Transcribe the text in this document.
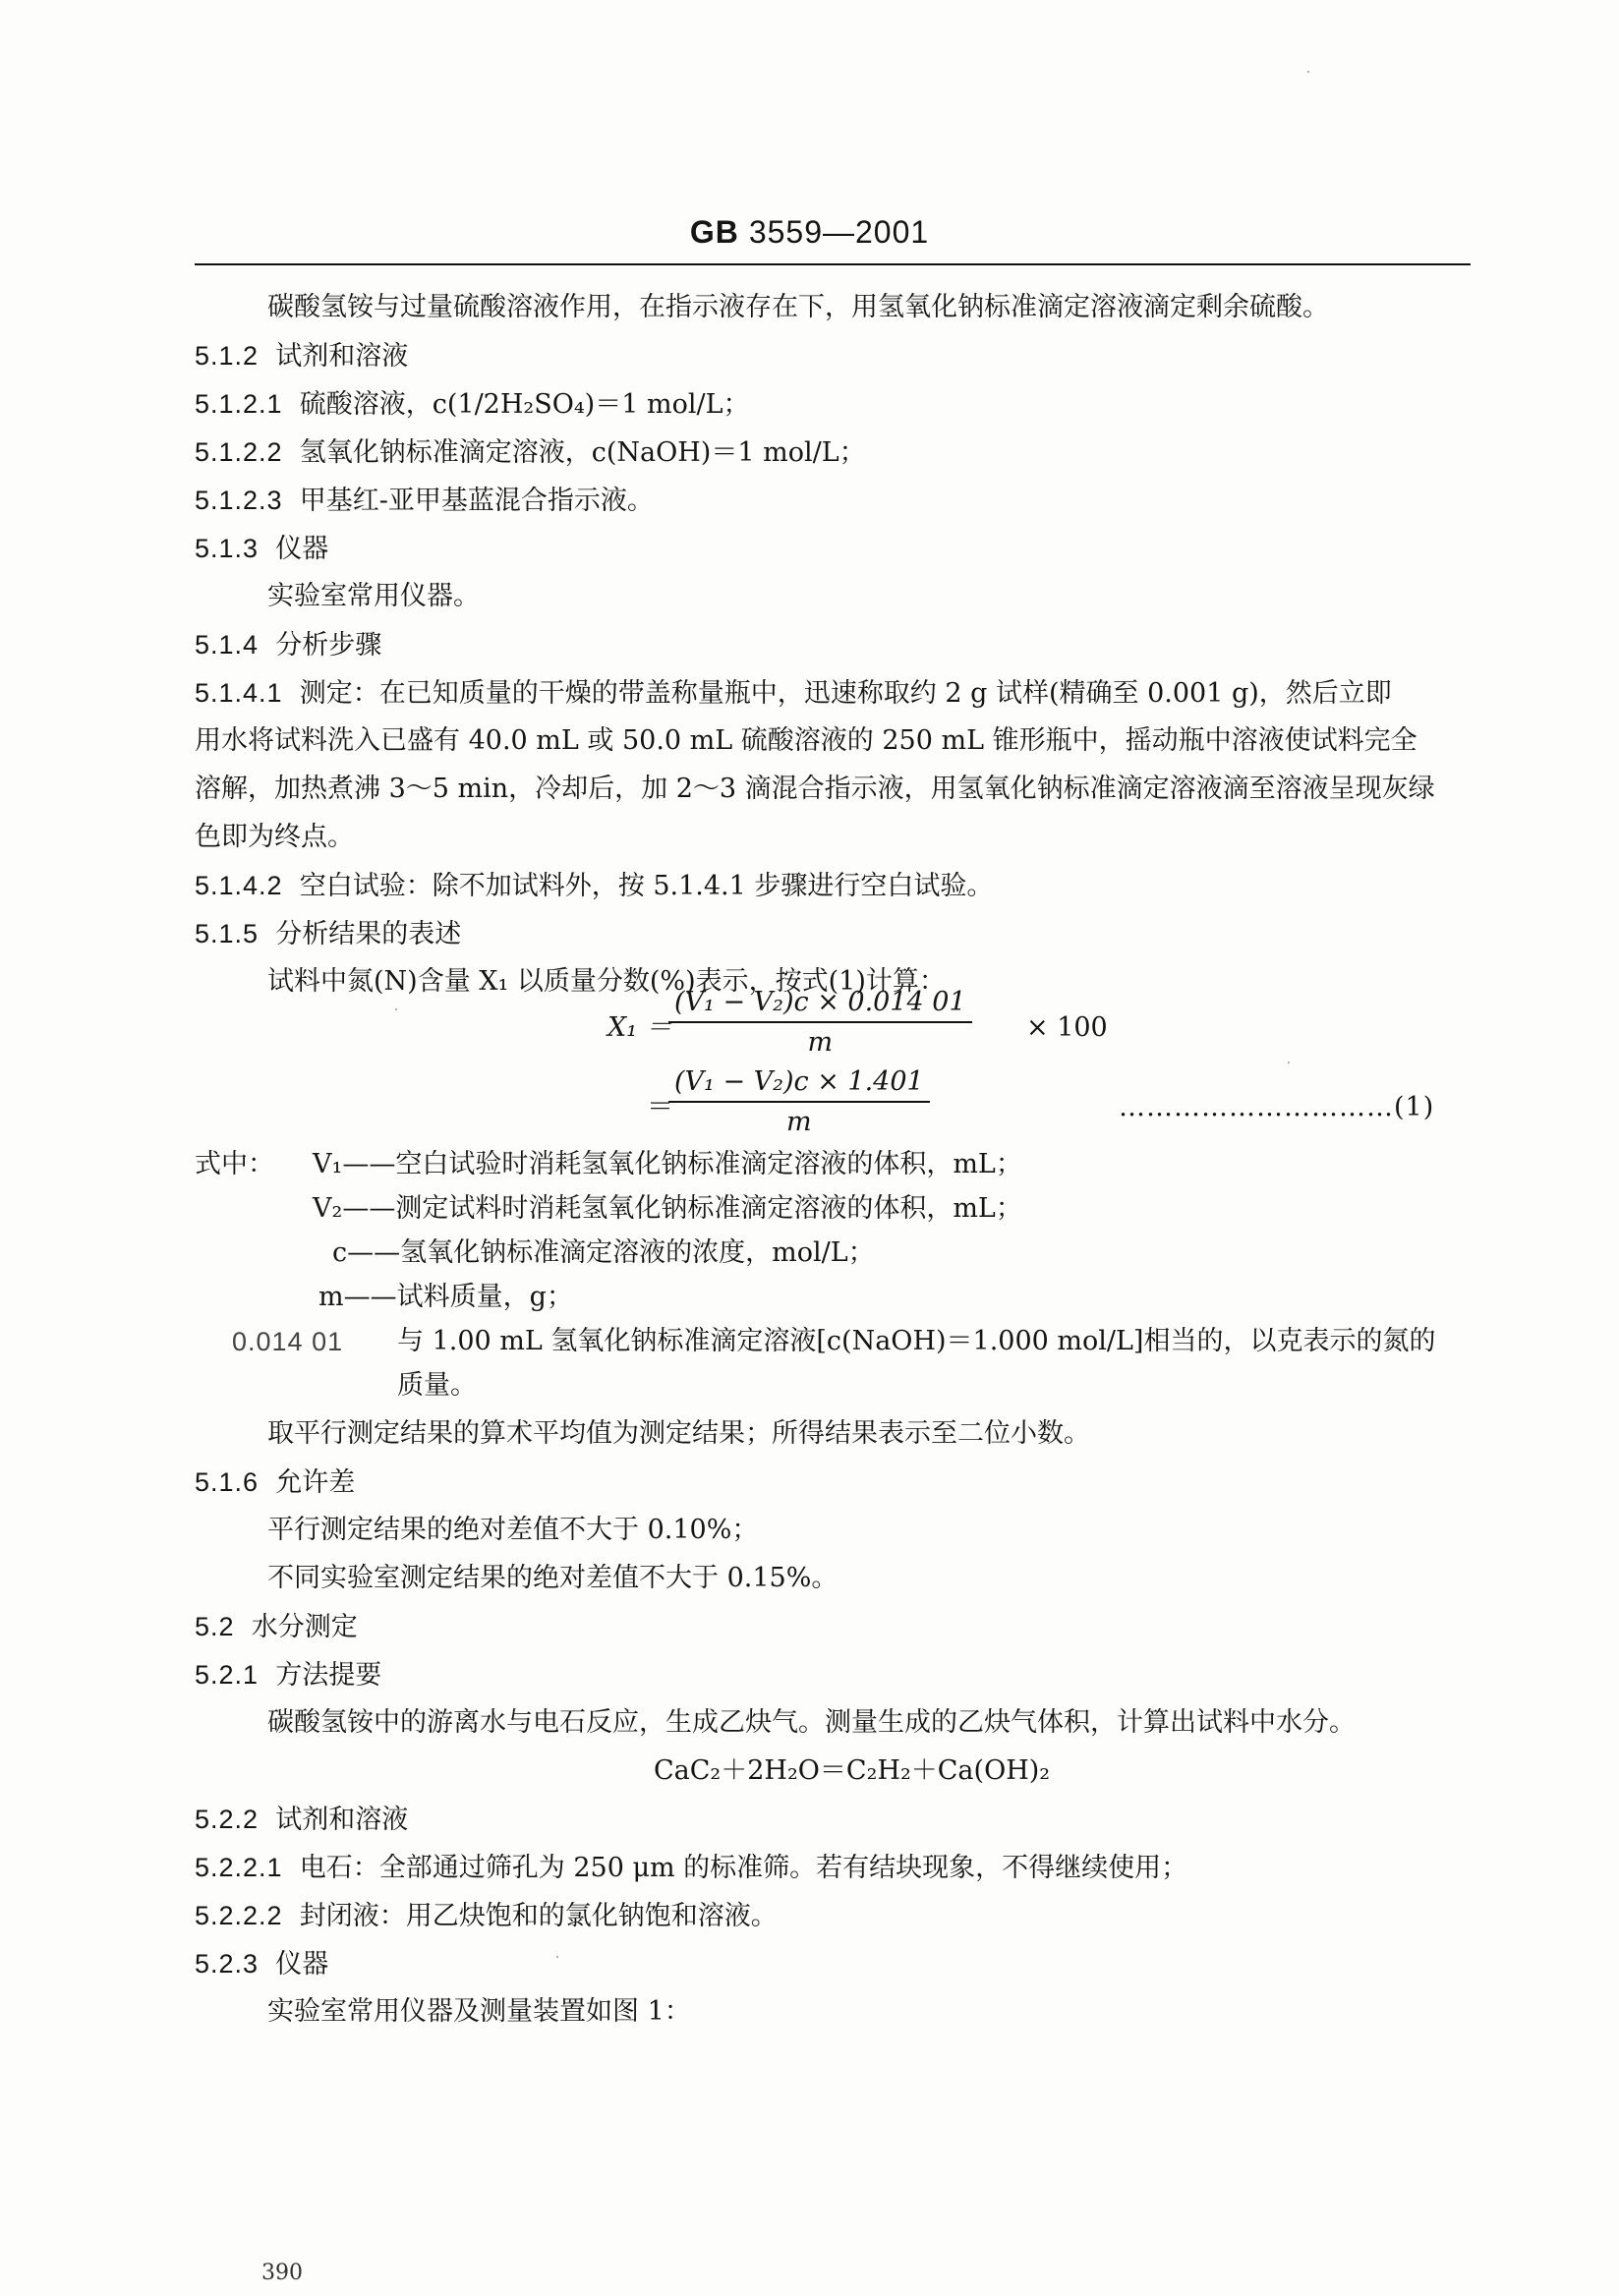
GB 3559—2001
碳酸氢铵与过量硫酸溶液作用，在指示液存在下，用氢氧化钠标准滴定溶液滴定剩余硫酸。
5.1.2 试剂和溶液
5.1.2.1 硫酸溶液，c(1/2H₂SO₄)＝1 mol/L；
5.1.2.2 氢氧化钠标准滴定溶液，c(NaOH)＝1 mol/L；
5.1.2.3 甲基红-亚甲基蓝混合指示液。
5.1.3 仪器
实验室常用仪器。
5.1.4 分析步骤
5.1.4.1 测定：在已知质量的干燥的带盖称量瓶中，迅速称取约 2 g 试样(精确至 0.001 g)，然后立即
用水将试料洗入已盛有 40.0 mL 或 50.0 mL 硫酸溶液的 250 mL 锥形瓶中，摇动瓶中溶液使试料完全
溶解，加热煮沸 3～5 min，冷却后，加 2～3 滴混合指示液，用氢氧化钠标准滴定溶液滴至溶液呈现灰绿
色即为终点。
5.1.4.2 空白试验：除不加试料外，按 5.1.4.1 步骤进行空白试验。
5.1.5 分析结果的表述
试料中氮(N)含量 X₁ 以质量分数(%)表示，按式(1)计算：
X₁ ＝
$\frac{\text{(V₁ − V₂)c × 0.014 01}}{m} \times 100$
＝
$\frac{\text{(V₁ − V₂)c × 1.401}}{m}$	…………………………(1)
式中： V₁——空白试验时消耗氢氧化钠标准滴定溶液的体积，mL；
V₂——测定试料时消耗氢氧化钠标准滴定溶液的体积，mL；
c——氢氧化钠标准滴定溶液的浓度，mol/L；
m——试料质量，g；
0.014 01 与 1.00 mL 氢氧化钠标准滴定溶液[c(NaOH)＝1.000 mol/L]相当的，以克表示的氮的
质量。
取平行测定结果的算术平均值为测定结果；所得结果表示至二位小数。
5.1.6 允许差
平行测定结果的绝对差值不大于 0.10%；
不同实验室测定结果的绝对差值不大于 0.15%。
5.2 水分测定
5.2.1 方法提要
碳酸氢铵中的游离水与电石反应，生成乙炔气。测量生成的乙炔气体积，计算出试料中水分。
CaC₂＋2H₂O＝C₂H₂＋Ca(OH)₂
5.2.2 试剂和溶液
5.2.2.1 电石：全部通过筛孔为 250 μm 的标准筛。若有结块现象，不得继续使用；
5.2.2.2 封闭液：用乙炔饱和的氯化钠饱和溶液。
5.2.3 仪器
实验室常用仪器及测量装置如图 1：
390
